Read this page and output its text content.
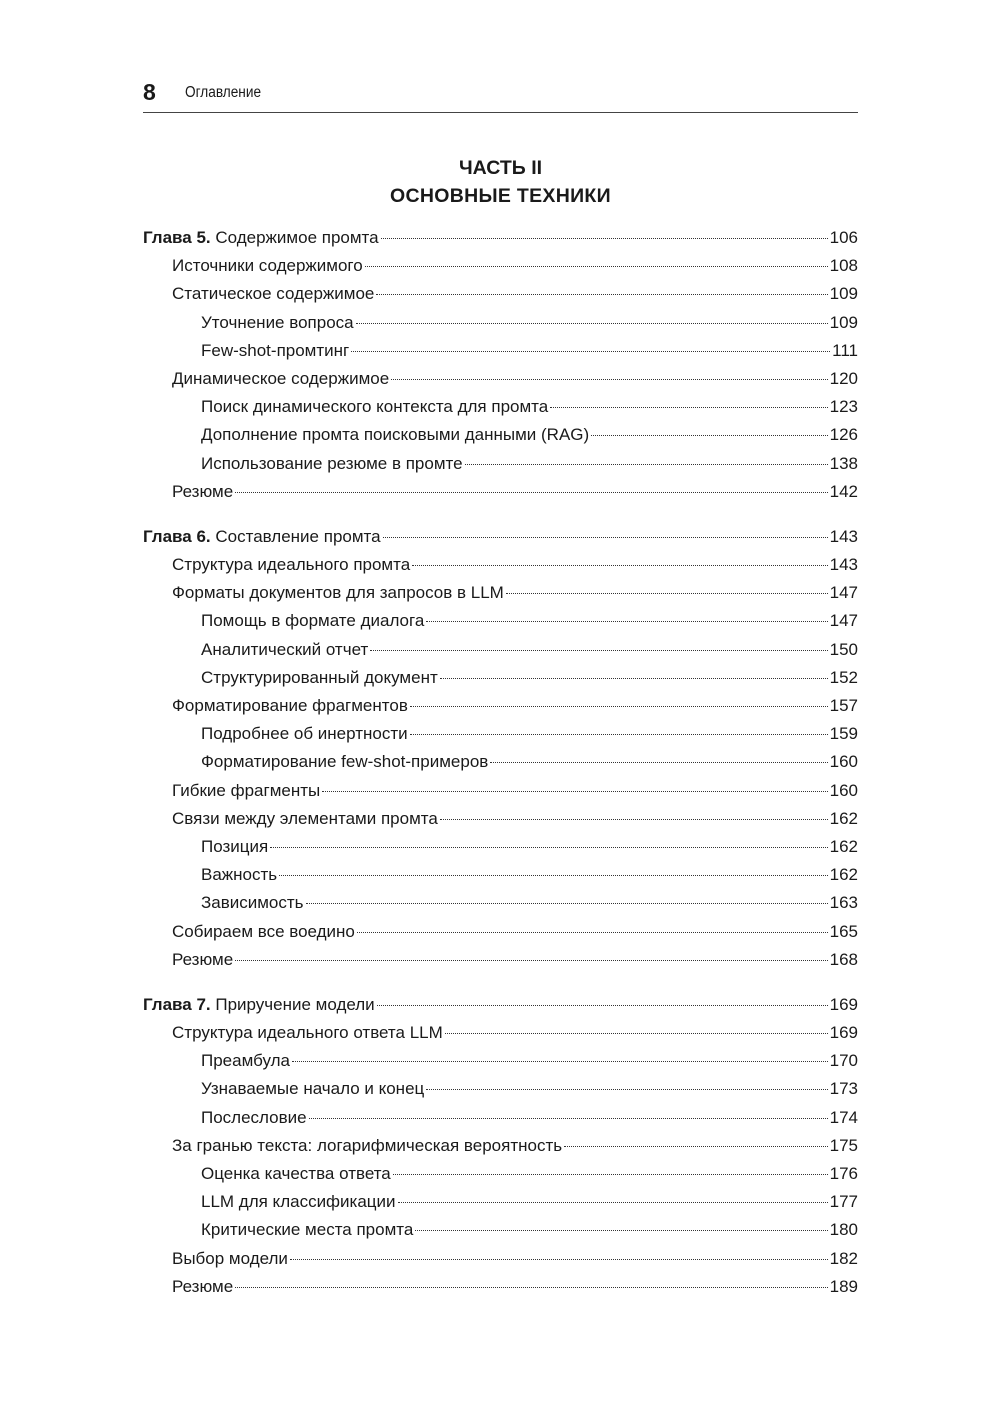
8 Оглавление
ЧАСТЬ II
ОСНОВНЫЕ ТЕХНИКИ
Глава 5. Содержимое промта	106
Источники содержимого	108
Статическое содержимое	109
Уточнение вопроса	109
Few-shot-промтинг	111
Динамическое содержимое	120
Поиск динамического контекста для промта	123
Дополнение промта поисковыми данными (RAG)	126
Использование резюме в промте	138
Резюме	142
Глава 6. Составление промта	143
Структура идеального промта	143
Форматы документов для запросов в LLM	147
Помощь в формате диалога	147
Аналитический отчет	150
Структурированный документ	152
Форматирование фрагментов	157
Подробнее об инертности	159
Форматирование few-shot-примеров	160
Гибкие фрагменты	160
Связи между элементами промта	162
Позиция	162
Важность	162
Зависимость	163
Собираем все воедино	165
Резюме	168
Глава 7. Приручение модели	169
Структура идеального ответа LLM	169
Преамбула	170
Узнаваемые начало и конец	173
Послесловие	174
За гранью текста: логарифмическая вероятность	175
Оценка качества ответа	176
LLM для классификации	177
Критические места промта	180
Выбор модели	182
Резюме	189
